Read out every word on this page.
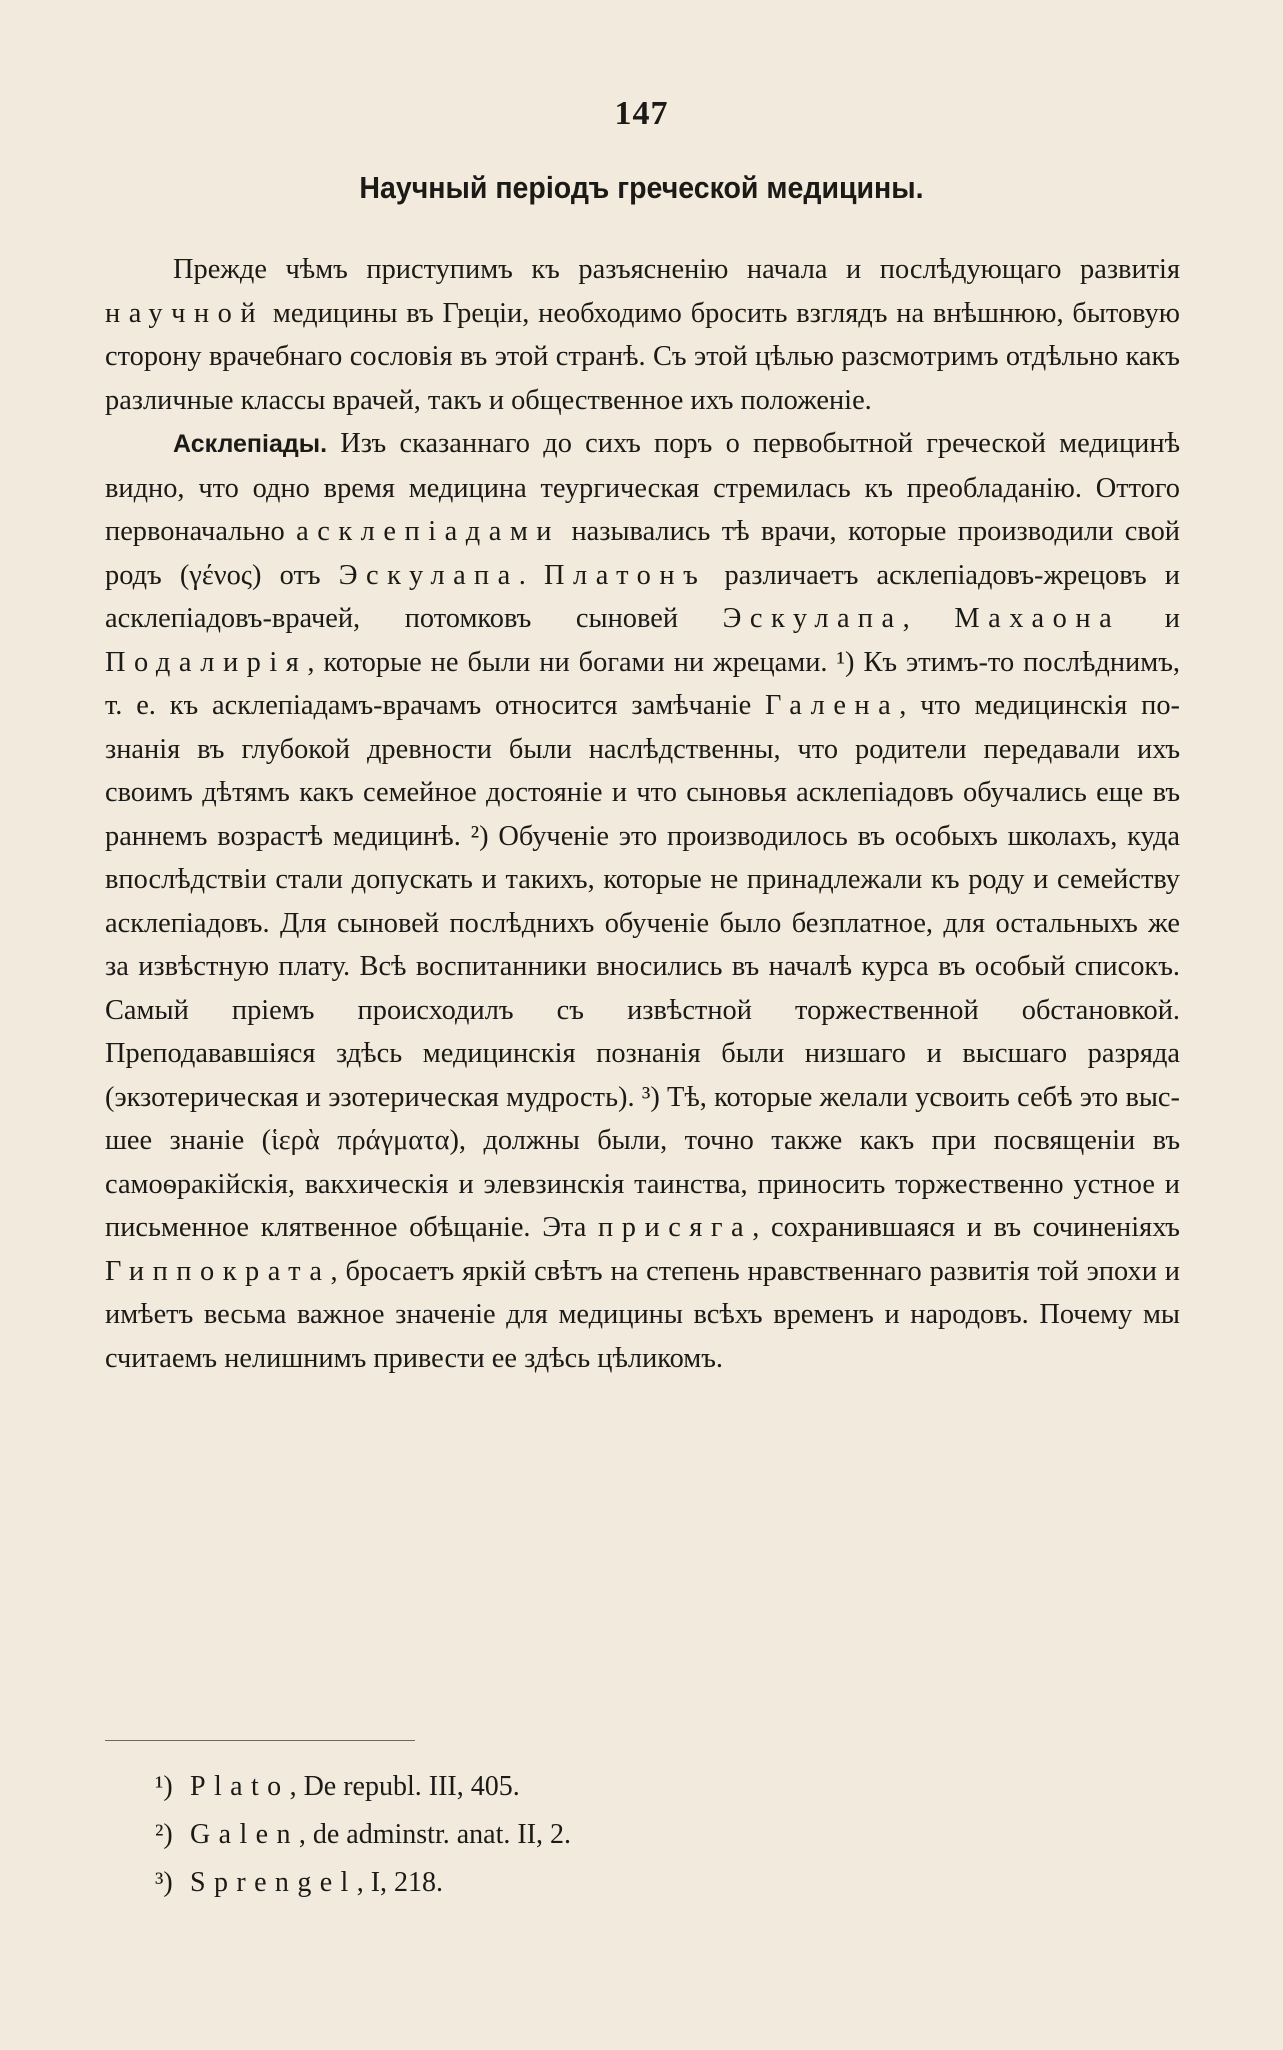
147
Научный періодъ греческой медицины.

Прежде чѣмъ приступимъ къ разъясненію начала и послѣдующаго развитія научной медицины въ Греціи, необходимо бросить взглядъ на внѣшнюю, бытовую сторону врачебнаго сословія въ этой странѣ. Съ этой цѣлью разсмотримъ отдѣльно какъ различные классы врачей, такъ и общественное ихъ положеніе.

Асклепіады. Изъ сказаннаго до сихъ поръ о первобытной греческой медицинѣ видно, что одно время медицина теургическая стремилась къ преобладанію. Оттого первоначально асклепіадами назывались тѣ врачи, которые производили свой родъ (γένος) отъ Эскулапа. Платонъ различаетъ асклепіадовъ-жрецовъ и асклепіадовъ-врачей, потомковъ сыновей Эскулапа, Махаона и Подалирія, которые не были ни богами ни жрецами. ¹) Къ этимъ-то послѣднимъ, т. е. къ асклепіадамъ-врачамъ относится замѣчаніе Галена, что медицинскія познанія въ глубокой древности были наслѣдственны, что родители передавали ихъ своимъ дѣтямъ какъ семейное достояніе и что сыновья асклепіадовъ обучались еще въ раннемъ возрастѣ медицинѣ. ²) Обученіе это производилось въ особыхъ школахъ, куда впослѣдствіи стали допускать и такихъ, которые не принадлежали къ роду и семейству асклепіадовъ. Для сыновей послѣднихъ обученіе было безплатное, для остальныхъ же за извѣстную плату. Всѣ воспитанники вносились въ началѣ курса въ особый списокъ. Самый пріемъ происходилъ съ извѣстной торжественной обстановкой. Преподававшіяся здѣсь медицинскія познанія были низшаго и высшаго разряда (экзотерическая и эзотерическая мудрость). ³) Тѣ, которые желали усвоить себѣ это высшее знаніе (ἱερὰ πράγματα), должны были, точно также какъ при посвященіи въ самоѳракійскія, вакхическія и элевзинскія таинства, приносить торжественно устное и письменное клятвенное обѣщаніе. Эта присяга, сохранившаяся и въ сочиненіяхъ Гиппократа, бросаетъ яркій свѣтъ на степень нравственнаго развитія той эпохи и имѣетъ весьма важное значеніе для медицины всѣхъ временъ и народовъ. Почему мы считаемъ нелишнимъ привести ее здѣсь цѣликомъ.

¹) Plato, De republ. III, 405.
²) Galen, de adminstr. anat. II, 2.
³) Sprengel, I, 218.
